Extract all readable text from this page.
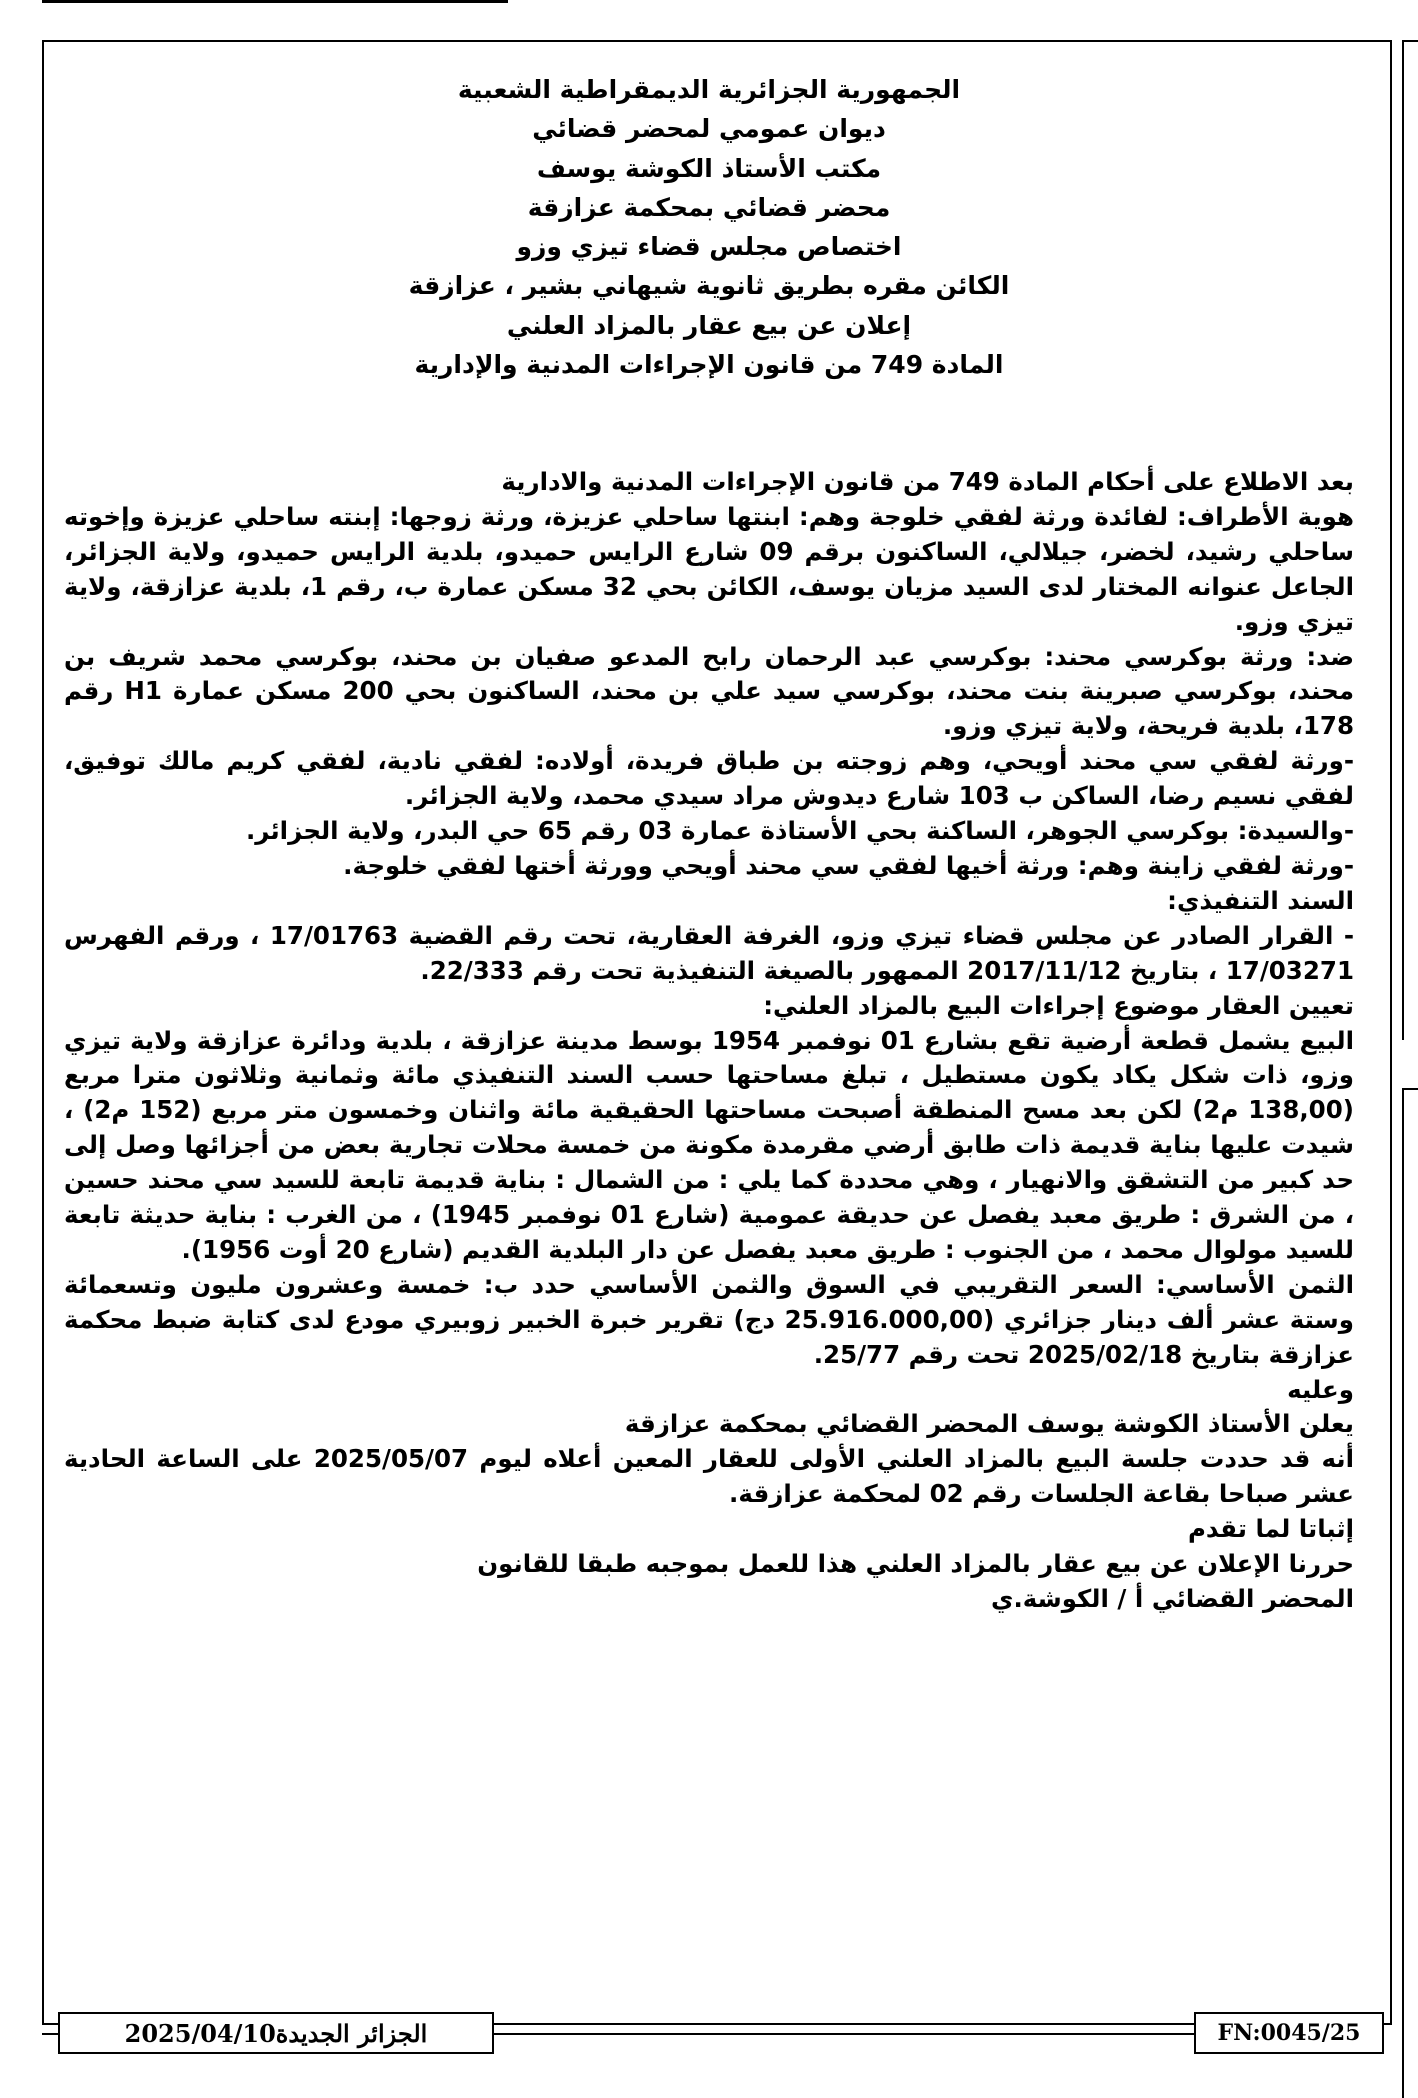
الجمهورية الجزائرية الديمقراطية الشعبية
ديوان عمومي لمحضر قضائي
مكتب الأستاذ الكوشة يوسف
محضر قضائي بمحكمة عزازقة
اختصاص مجلس قضاء تيزي وزو
الكائن مقره بطريق ثانوية شيهاني بشير ، عزازقة
إعلان عن بيع عقار بالمزاد العلني
المادة 749 من قانون الإجراءات المدنية والإدارية

بعد الاطلاع على أحكام المادة 749 من قانون الإجراءات المدنية والادارية

هوية الأطراف: لفائدة ورثة لفقي خلوجة وهم: ابنتها ساحلي عزيزة، ورثة زوجها: إبنته ساحلي عزيزة وإخوته ساحلي رشيد، لخضر، جيلالي، الساكنون برقم 09 شارع الرايس حميدو، بلدية الرايس حميدو، ولاية الجزائر، الجاعل عنوانه المختار لدى السيد مزيان يوسف، الكائن بحي 32 مسكن عمارة ب، رقم 1، بلدية عزازقة، ولاية تيزي وزو.

ضد: ورثة بوكرسي محند: بوكرسي عبد الرحمان رابح المدعو صفيان بن محند، بوكرسي محمد شريف بن محند، بوكرسي صبرينة بنت محند، بوكرسي سيد علي بن محند، الساكنون بحي 200 مسكن عمارة H1 رقم 178، بلدية فريحة، ولاية تيزي وزو.

-ورثة لفقي سي محند أويحي، وهم زوجته بن طباق فريدة، أولاده: لفقي نادية، لفقي كريم مالك توفيق، لفقي نسيم رضا، الساكن ب 103 شارع ديدوش مراد سيدي محمد، ولاية الجزائر.

-والسيدة: بوكرسي الجوهر، الساكنة بحي الأستاذة عمارة 03 رقم 65 حي البدر، ولاية الجزائر.

-ورثة لفقي زاينة وهم: ورثة أخيها لفقي سي محند أويحي وورثة أختها لفقي خلوجة.

السند التنفيذي:

- القرار الصادر عن مجلس قضاء تيزي وزو، الغرفة العقارية، تحت رقم القضية 17/01763 ، ورقم الفهرس 17/03271 ، بتاريخ 2017/11/12 الممهور بالصيغة التنفيذية تحت رقم 22/333.

تعيين العقار موضوع إجراءات البيع بالمزاد العلني:

البيع يشمل قطعة أرضية تقع بشارع 01 نوفمبر 1954 بوسط مدينة عزازقة ، بلدية ودائرة عزازقة ولاية تيزي وزو، ذات شكل يكاد يكون مستطيل ، تبلغ مساحتها حسب السند التنفيذي مائة وثمانية وثلاثون مترا مربع (138,00 م2) لكن بعد مسح المنطقة أصبحت مساحتها الحقيقية مائة واثنان وخمسون متر مربع (152 م2) ، شيدت عليها بناية قديمة ذات طابق أرضي مقرمدة مكونة من خمسة محلات تجارية بعض من أجزائها وصل إلى حد كبير من التشقق والانهيار ، وهي محددة كما يلي : من الشمال : بناية قديمة تابعة للسيد سي محند حسين ، من الشرق : طريق معبد يفصل عن حديقة عمومية (شارع 01 نوفمبر 1945) ، من الغرب : بناية حديثة تابعة للسيد مولوال محمد ، من الجنوب : طريق معبد يفصل عن دار البلدية القديم (شارع 20 أوت 1956).

الثمن الأساسي: السعر التقريبي في السوق والثمن الأساسي حدد ب: خمسة وعشرون مليون وتسعمائة وستة عشر ألف دينار جزائري (25.916.000,00 دج) تقرير خبرة الخبير زوبيري مودع لدى كتابة ضبط محكمة عزازقة بتاريخ 2025/02/18 تحت رقم 25/77.

وعليه

يعلن الأستاذ الكوشة يوسف المحضر القضائي بمحكمة عزازقة

أنه قد حددت جلسة البيع بالمزاد العلني الأولى للعقار المعين أعلاه ليوم 2025/05/07 على الساعة الحادية عشر صباحا بقاعة الجلسات رقم 02 لمحكمة عزازقة.

إثباتا لما تقدم

حررنا الإعلان عن بيع عقار بالمزاد العلني هذا للعمل بموجبه طبقا للقانون

المحضر القضائي أ / الكوشة.ي

الجزائر الجديدة2025/04/10	FN:0045/25
